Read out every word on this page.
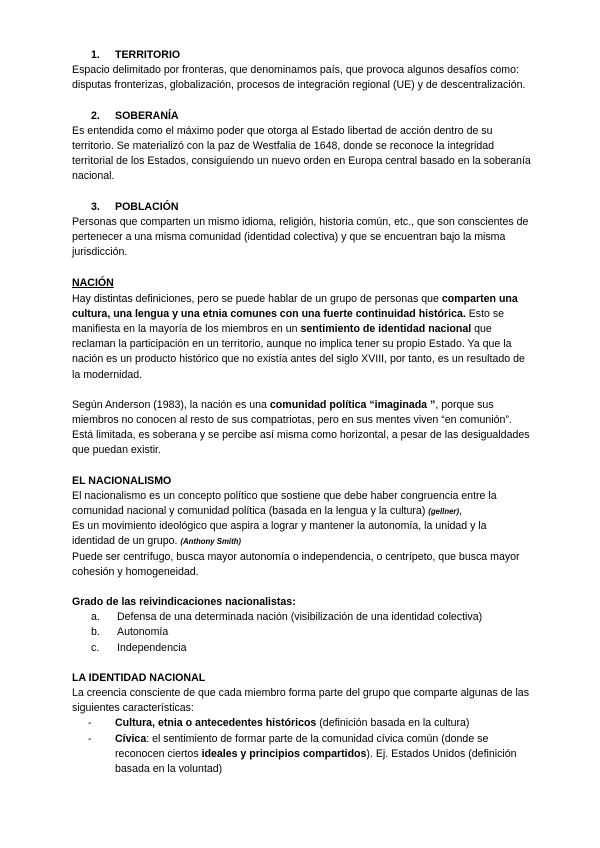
1.	TERRITORIO

Espacio delimitado por fronteras, que denominamos país, que provoca algunos desafíos como: disputas fronterizas, globalización, procesos de integración regional (UE) y de descentralización.

2.	SOBERANÍA

Es entendida como el máximo poder que otorga al Estado libertad de acción dentro de su territorio. Se materializó con la paz de Westfalia de 1648, donde se reconoce la integridad territorial de los Estados, consiguiendo un nuevo orden en Europa central basado en la soberanía nacional.

3.	POBLACIÓN

Personas que comparten un mismo idioma, religión, historia común, etc., que son conscientes de pertenecer a una misma comunidad (identidad colectiva) y que se encuentran bajo la misma jurisdicción.

NACIÓN

Hay distintas definiciones, pero se puede hablar de un grupo de personas que comparten una cultura, una lengua y una etnia comunes con una fuerte continuidad histórica. Esto se manifiesta en la mayoría de los miembros en un sentimiento de identidad nacional que reclaman la participación en un territorio, aunque no implica tener su propio Estado. Ya que la nación es un producto histórico que no existía antes del siglo XVIII, por tanto, es un resultado de la modernidad.

Según Anderson (1983), la nación es una comunidad política “imaginada ”, porque sus miembros no conocen al resto de sus compatriotas, pero en sus mentes viven “en comunión”. Está limitada, es soberana y se percibe así misma como horizontal, a pesar de las desigualdades que puedan existir.

EL NACIONALISMO

El nacionalismo es un concepto político que sostiene que debe haber congruencia entre la comunidad nacional y comunidad política (basada en la lengua y la cultura) (gellner),

Es un movimiento ideológico que aspira a lograr y mantener la autonomía, la unidad y la identidad de un grupo. (Anthony Smith)

Puede ser centrífugo, busca mayor autonomía o independencia, o centrípeto, que busca mayor cohesión y homogeneidad.

Grado de las reivindicaciones nacionalistas:

a.	Defensa de una determinada nación (visibilización de una identidad colectiva)
b.	Autonomía
c.	Independencia

LA IDENTIDAD NACIONAL

La creencia consciente de que cada miembro forma parte del grupo que comparte algunas de las siguientes características:

-	Cultura, etnia o antecedentes históricos (definición basada en la cultura)
-	Cívica: el sentimiento de formar parte de la comunidad cívica común (donde se reconocen ciertos ideales y principios compartidos). Ej. Estados Unidos (definición basada en la voluntad)
